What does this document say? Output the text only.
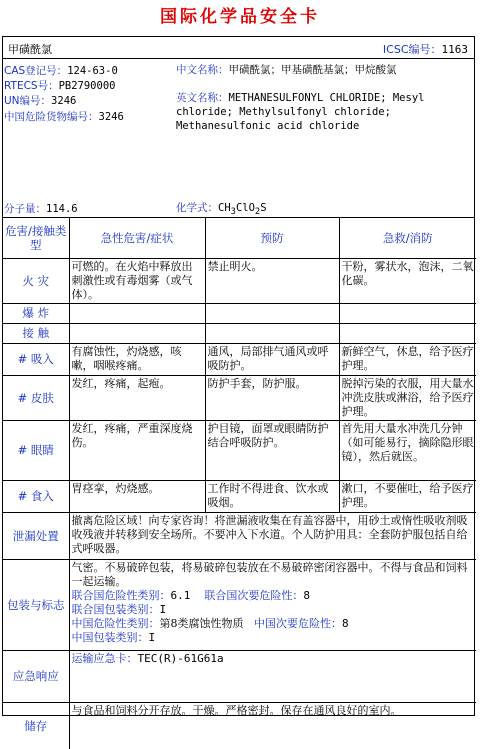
国际化学品安全卡
甲磺酰氯	ICSC编号：1163
CAS登记号：124-63-0
RTECS号：PB2790000
UN编号：3246
中国危险货物编号：3246
中文名称：甲磺酰氯；甲基磺酰基氯；甲烷酸氯
英文名称：METHANESULFONYL CHLORIDE; Mesyl chloride; Methylsulfonyl chloride; Methanesulfonic acid chloride
分子量：114.6	化学式：$CH_3ClO_2S$
危害/接触类型	急性危害/症状	预防	急救/消防
火 灾	可燃的。在火焰中释放出刺激性或有毒烟雾（或气体）。	禁止明火。	干粉，雾状水，泡沫，二氧化碳。
爆 炸			
接 触			
# 吸入	有腐蚀性，灼烧感，咳嗽，咽喉疼痛。	通风，局部排气通风或呼吸防护。	新鲜空气，休息，给予医疗护理。
# 皮肤	发红，疼痛，起疱。	防护手套，防护服。	脱掉污染的衣服，用大量水冲洗皮肤或淋浴，给予医疗护理。
# 眼睛	发红，疼痛，严重深度烧伤。	护目镜，面罩或眼睛防护结合呼吸防护。	首先用大量水冲洗几分钟（如可能易行，摘除隐形眼镜），然后就医。
# 食入	胃痉挛，灼烧感。	工作时不得进食、饮水或吸烟。	漱口，不要催吐，给予医疗护理。
泄漏处置	撤离危险区域！向专家咨询！将泄漏液收集在有盖容器中，用砂土或惰性吸收剂吸收残液并转移到安全场所。不要冲入下水道。个人防护用具：全套防护服包括自给式呼吸器。		
包装与标志	气密。不易破碎包装，将易破碎包装放在不易破碎密闭容器中。不得与食品和饲料一起运输。
联合国危险性类别：6.1 联合国次要危险性：8
联合国包装类别：I
中国危险性类别：第8类腐蚀性物质 中国次要危险性：8
中国包装类别：I		

应急响应	运输应急卡：TEC(R)-61G61a		
储存	与食品和饲料分开存放。干燥。严格密封。保存在通风良好的室内。		
